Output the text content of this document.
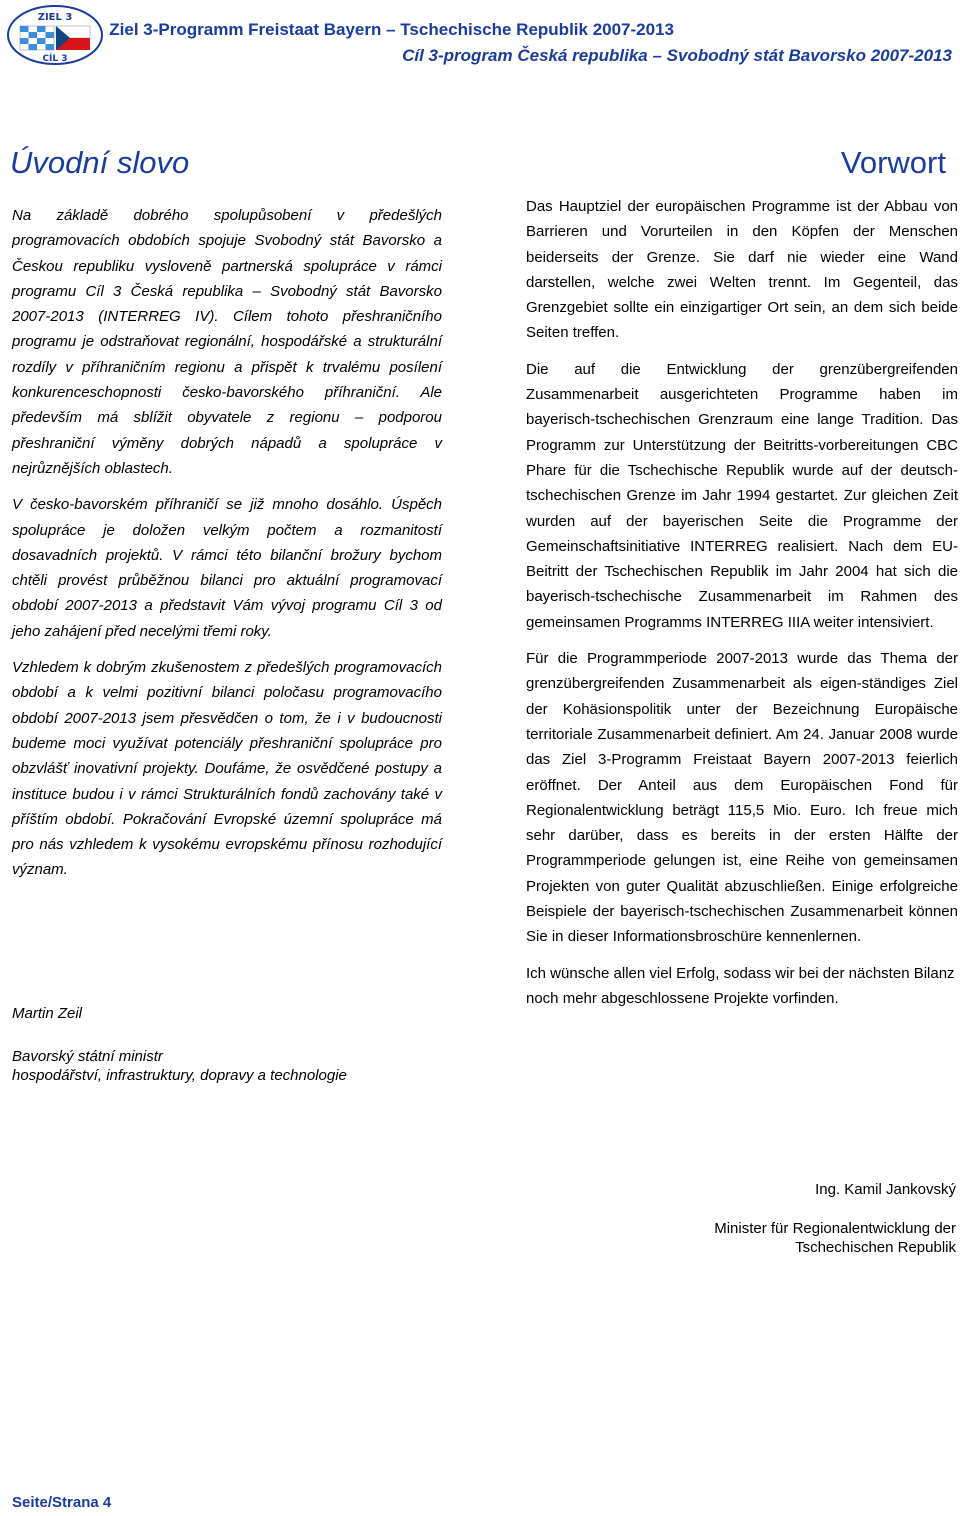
ZIEL 3
CÍL 3
Ziel 3-Programm Freistaat Bayern – Tschechische Republik 2007-2013
Cíl 3-program Česká republika – Svobodný stát Bavorsko 2007-2013
Úvodní slovo	Vorwort

Na základě dobrého spolupůsobení v předešlých programovacích obdobích spojuje Svobodný stát Bavorsko a Českou republiku vysloveně partnerská spolupráce v rámci programu Cíl 3 Česká republika – Svobodný stát Bavorsko 2007-2013 (INTERREG IV). Cílem tohoto přeshraničního programu je odstraňovat regionální, hospodářské a strukturální rozdíly v příhraničním regionu a přispět k trvalému posílení konkurenceschopnosti česko-bavorského příhraniční. Ale především má sblížit obyvatele z regionu – podporou přeshraniční výměny dobrých nápadů a spolupráce v nejrůznějších oblastech.

V česko-bavorském příhraničí se již mnoho dosáhlo. Úspěch spolupráce je doložen velkým počtem a rozmanitostí dosavadních projektů. V rámci této bilanční brožury bychom chtěli provést průběžnou bilanci pro aktuální programovací období 2007-2013 a představit Vám vývoj programu Cíl 3 od jeho zahájení před necelými třemi roky.

Vzhledem k dobrým zkušenostem z předešlých programovacích období a k velmi pozitivní bilanci poločasu programovacího období 2007-2013 jsem přesvědčen o tom, že i v budoucnosti budeme moci využívat potenciály přeshraniční spolupráce pro obzvlášť inovativní projekty. Doufáme, že osvědčené postupy a instituce budou i v rámci Strukturálních fondů zachovány také v příštím období. Pokračování Evropské územní spolupráce má pro nás vzhledem k vysokému evropskému přínosu rozhodující význam.

Martin Zeil
Bavorský státní ministr
hospodářství, infrastruktury, dopravy a technologie

Das Hauptziel der europäischen Programme ist der Abbau von Barrieren und Vorurteilen in den Köpfen der Menschen beiderseits der Grenze. Sie darf nie wieder eine Wand darstellen, welche zwei Welten trennt. Im Gegenteil, das Grenzgebiet sollte ein einzigartiger Ort sein, an dem sich beide Seiten treffen.

Die auf die Entwicklung der grenzübergreifenden Zusammenarbeit ausgerichteten Programme haben im bayerisch-tschechischen Grenzraum eine lange Tradition. Das Programm zur Unterstützung der Beitritts-vorbereitungen CBC Phare für die Tschechische Republik wurde auf der deutsch-tschechischen Grenze im Jahr 1994 gestartet. Zur gleichen Zeit wurden auf der bayerischen Seite die Programme der Gemeinschaftsinitiative INTERREG realisiert. Nach dem EU-Beitritt der Tschechischen Republik im Jahr 2004 hat sich die bayerisch-tschechische Zusammenarbeit im Rahmen des gemeinsamen Programms INTERREG IIIA weiter intensiviert.

Für die Programmperiode 2007-2013 wurde das Thema der grenzübergreifenden Zusammenarbeit als eigen-ständiges Ziel der Kohäsionspolitik unter der Bezeichnung Europäische territoriale Zusammenarbeit definiert. Am 24. Januar 2008 wurde das Ziel 3-Programm Freistaat Bayern 2007-2013 feierlich eröffnet. Der Anteil aus dem Europäischen Fond für Regionalentwicklung beträgt 115,5 Mio. Euro. Ich freue mich sehr darüber, dass es bereits in der ersten Hälfte der Programmperiode gelungen ist, eine Reihe von gemeinsamen Projekten von guter Qualität abzuschließen. Einige erfolgreiche Beispiele der bayerisch-tschechischen Zusammenarbeit können Sie in dieser Informationsbroschüre kennenlernen.

Ich wünsche allen viel Erfolg, sodass wir bei der nächsten Bilanz noch mehr abgeschlossene Projekte vorfinden.

Ing. Kamil Jankovský
Minister für Regionalentwicklung der
Tschechischen Republik
Seite/Strana 4
